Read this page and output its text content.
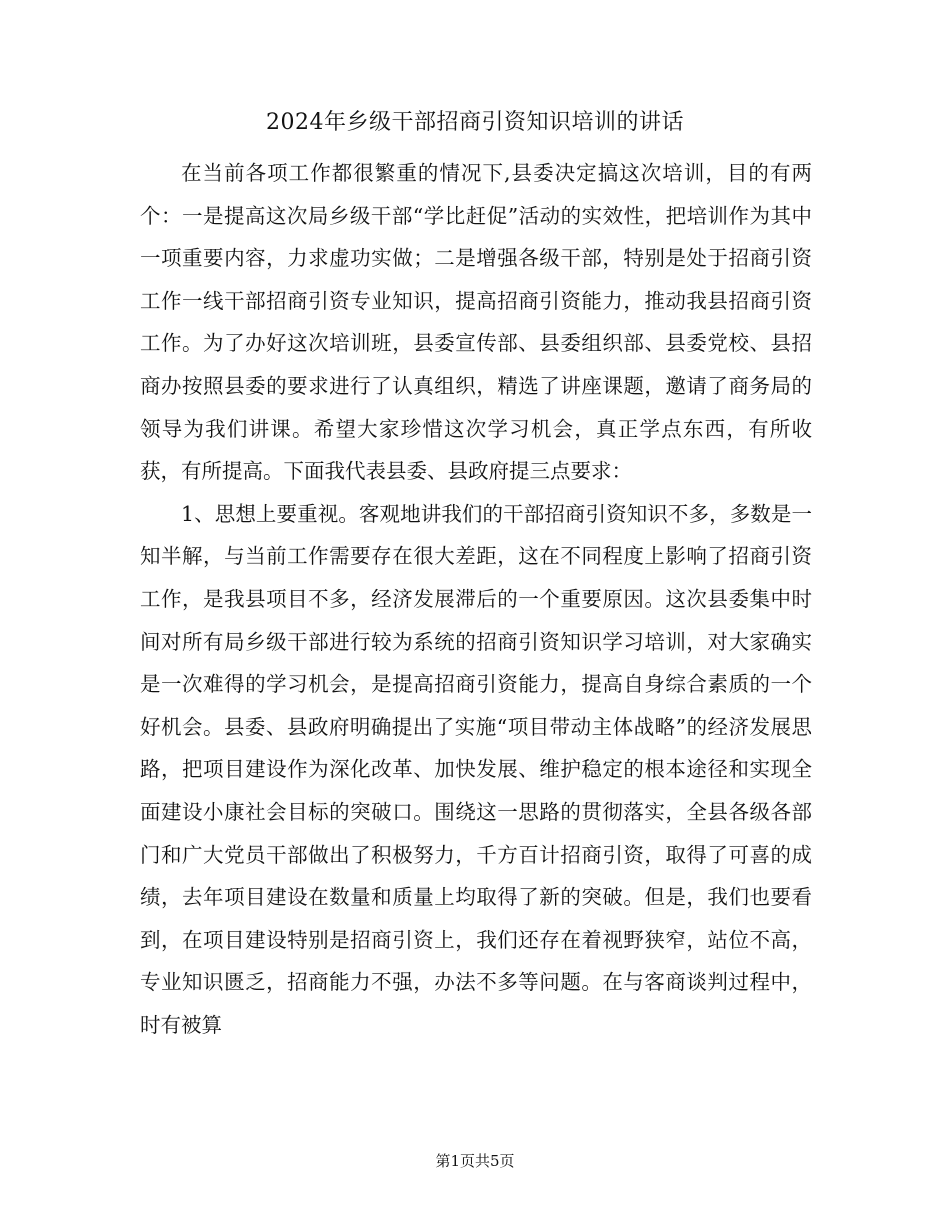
2024年乡级干部招商引资知识培训的讲话

在当前各项工作都很繁重的情况下,县委决定搞这次培训，目的有两个：一是提高这次局乡级干部“学比赶促”活动的实效性，把培训作为其中一项重要内容，力求虚功实做；二是增强各级干部，特别是处于招商引资工作一线干部招商引资专业知识，提高招商引资能力，推动我县招商引资工作。为了办好这次培训班，县委宣传部、县委组织部、县委党校、县招商办按照县委的要求进行了认真组织，精选了讲座课题，邀请了商务局的领导为我们讲课。希望大家珍惜这次学习机会，真正学点东西，有所收获，有所提高。下面我代表县委、县政府提三点要求：

1、思想上要重视。客观地讲我们的干部招商引资知识不多，多数是一知半解，与当前工作需要存在很大差距，这在不同程度上影响了招商引资工作，是我县项目不多，经济发展滞后的一个重要原因。这次县委集中时间对所有局乡级干部进行较为系统的招商引资知识学习培训，对大家确实是一次难得的学习机会，是提高招商引资能力，提高自身综合素质的一个好机会。县委、县政府明确提出了实施“项目带动主体战略”的经济发展思路，把项目建设作为深化改革、加快发展、维护稳定的根本途径和实现全面建设小康社会目标的突破口。围绕这一思路的贯彻落实，全县各级各部门和广大党员干部做出了积极努力，千方百计招商引资，取得了可喜的成绩，去年项目建设在数量和质量上均取得了新的突破。但是，我们也要看到，在项目建设特别是招商引资上，我们还存在着视野狭窄，站位不高，专业知识匮乏，招商能力不强，办法不多等问题。在与客商谈判过程中，时有被算

第1页共5页
